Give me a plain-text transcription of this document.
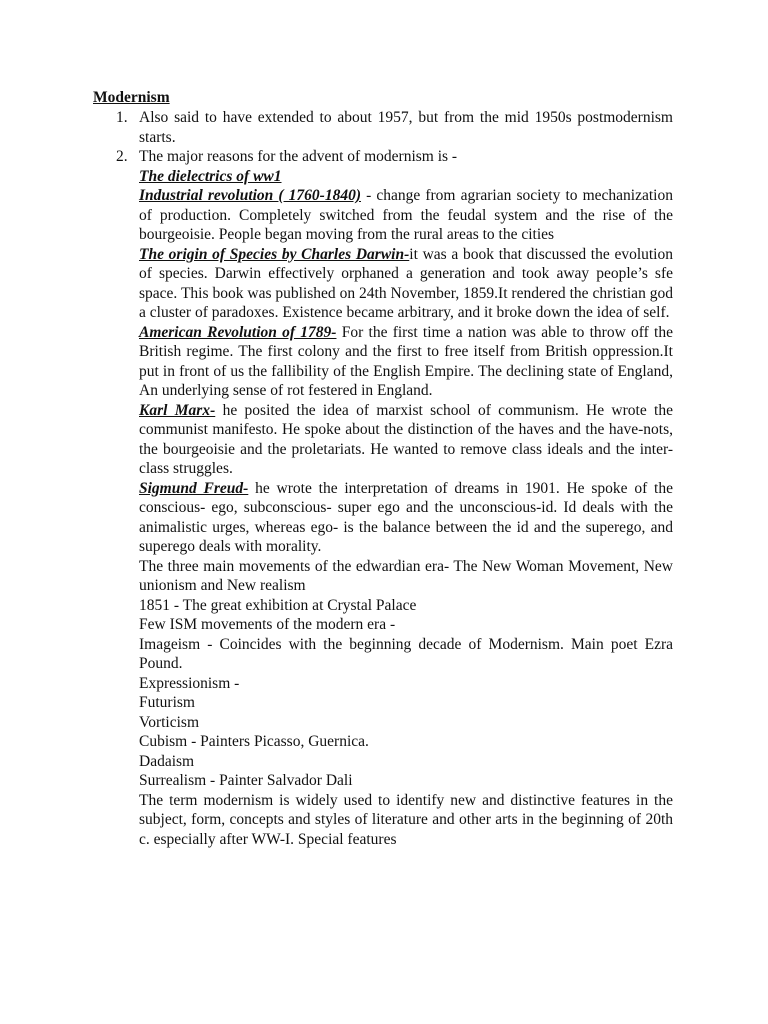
Modernism
1. Also said to have extended to about 1957, but from the mid 1950s postmodernism starts.
2. The major reasons for the advent of modernism is -

The dielectrics of ww1

Industrial revolution ( 1760-1840) - change from agrarian society to mechanization of production. Completely switched from the feudal system and the rise of the bourgeoisie. People began moving from the rural areas to the cities

The origin of Species by Charles Darwin-it was a book that discussed the evolution of species. Darwin effectively orphaned a generation and took away people’s sfe space. This book was published on 24th November, 1859.It rendered the christian god a cluster of paradoxes. Existence became arbitrary, and it broke down the idea of self.

American Revolution of 1789- For the first time a nation was able to throw off the British regime. The first colony and the first to free itself from British oppression.It put in front of us the fallibility of the English Empire. The declining state of England, An underlying sense of rot festered in England.

Karl Marx- he posited the idea of marxist school of communism. He wrote the communist manifesto. He spoke about the distinction of the haves and the have-nots, the bourgeoisie and the proletariats. He wanted to remove class ideals and the inter-class struggles.

Sigmund Freud- he wrote the interpretation of dreams in 1901. He spoke of the conscious- ego, subconscious- super ego and the unconscious-id. Id deals with the animalistic urges, whereas ego- is the balance between the id and the superego, and superego deals with morality.

The three main movements of the edwardian era- The New Woman Movement, New unionism and New realism

1851 - The great exhibition at Crystal Palace

Few ISM movements of the modern era -

Imageism - Coincides with the beginning decade of Modernism. Main poet Ezra Pound.

Expressionism -

Futurism

Vorticism

Cubism - Painters Picasso, Guernica.

Dadaism

Surrealism - Painter Salvador Dali

The term modernism is widely used to identify new and distinctive features in the subject, form, concepts and styles of literature and other arts in the beginning of 20th c. especially after WW-I. Special features
